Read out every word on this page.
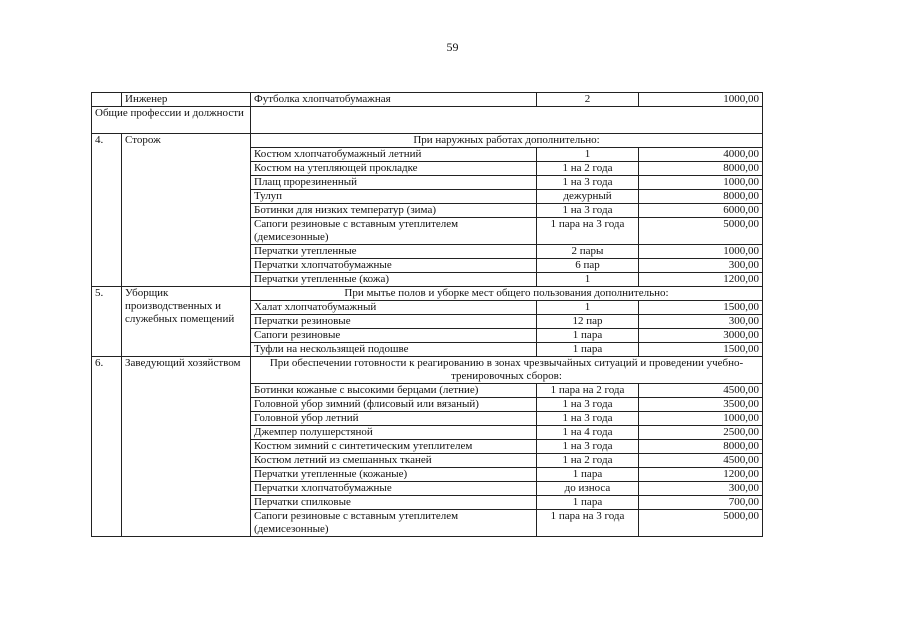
59
	Инженер	Футболка хлопчатобумажная	2	1000,00
Общие профессии и должности				
4.	Сторож	При наружных работах дополнительно:		
		Костюм хлопчатобумажный летний	1	4000,00
		Костюм на утепляющей прокладке	1 на 2 года	8000,00
		Плащ прорезиненный	1 на 3 года	1000,00
		Тулуп	дежурный	8000,00
		Ботинки для низких температур (зима)	1 на 3 года	6000,00
		Сапоги резиновые с вставным утеплителем (демисезонные)	1 пара на 3 года	5000,00
		Перчатки утепленные	2 пары	1000,00
		Перчатки хлопчатобумажные	6 пар	300,00
		Перчатки утепленные (кожа)	1	1200,00
5.	Уборщик производственных и служебных помещений	При мытье полов и уборке мест общего пользования дополнительно:		
		Халат хлопчатобумажный	1	1500,00
		Перчатки резиновые	12 пар	300,00
		Сапоги резиновые	1 пара	3000,00
		Туфли на нескользящей подошве	1 пара	1500,00
6.	Заведующий хозяйством	При обеспечении готовности к реагированию в зонах чрезвычайных ситуаций и проведении учебно-тренировочных сборов:		
		Ботинки кожаные с высокими берцами (летние)	1 пара на 2 года	4500,00
		Головной убор зимний (флисовый или вязаный)	1 на 3 года	3500,00
		Головной убор летний	1 на 3 года	1000,00
		Джемпер полушерстяной	1 на 4 года	2500,00
		Костюм зимний с синтетическим утеплителем	1 на 3 года	8000,00
		Костюм летний из смешанных тканей	1 на 2 года	4500,00
		Перчатки утепленные (кожаные)	1 пара	1200,00
		Перчатки хлопчатобумажные	до износа	300,00
		Перчатки спилковые	1 пара	700,00
		Сапоги резиновые с вставным утеплителем (демисезонные)	1 пара на 3 года	5000,00
